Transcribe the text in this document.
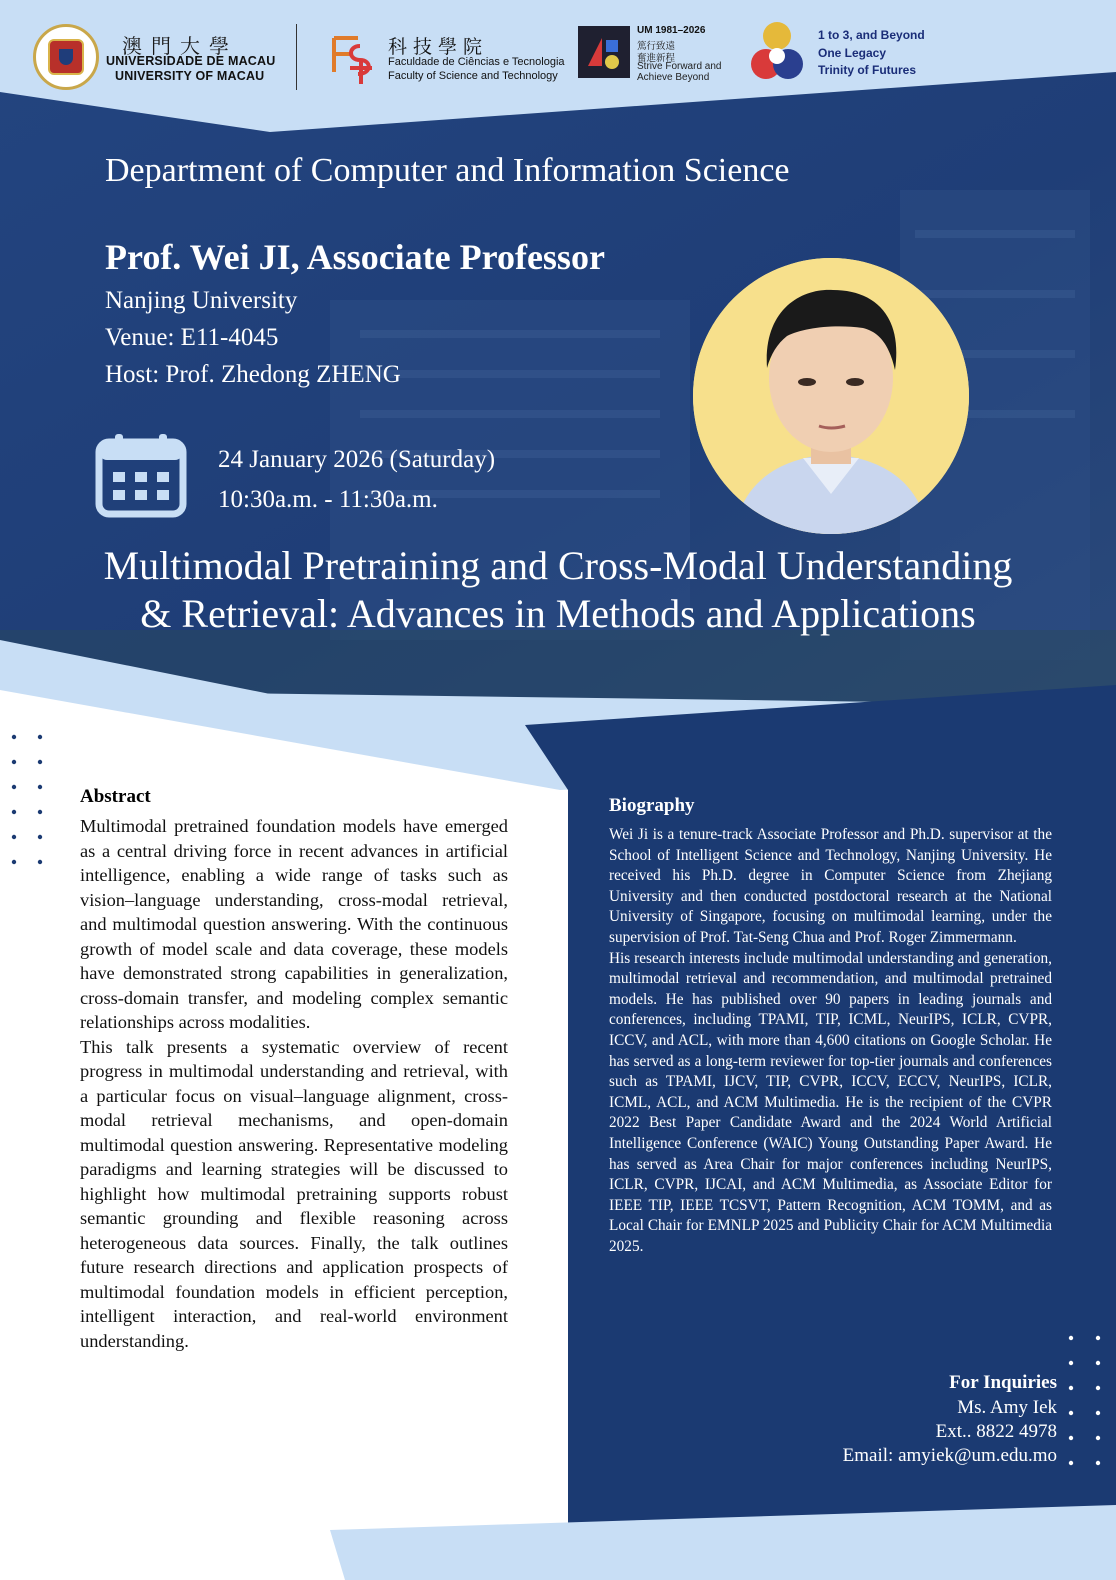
澳門大學
UNIVERSIDADE DE MACAU
UNIVERSITY OF MACAU
科技學院
Faculdade de Ciências e Tecnologia
Faculty of Science and Technology
UM 1981–2026
篤行致遠
奮進新程
Strive Forward and
Achieve Beyond
1 to 3, and Beyond
One Legacy
Trinity of Futures
Department of Computer and Information Science
Prof. Wei JI, Associate Professor
Nanjing University
Venue: E11-4045
Host: Prof. Zhedong ZHENG
24 January 2026 (Saturday)
10:30a.m. - 11:30a.m.
Multimodal Pretraining and Cross-Modal Understanding
& Retrieval: Advances in Methods and Applications
Abstract

Multimodal pretrained foundation models have emerged as a central driving force in recent advances in artificial intelligence, enabling a wide range of tasks such as vision–language understanding, cross-modal retrieval, and multimodal question answering. With the continuous growth of model scale and data coverage, these models have demonstrated strong capabilities in generalization, cross-domain transfer, and modeling complex semantic relationships across modalities.

This talk presents a systematic overview of recent progress in multimodal understanding and retrieval, with a particular focus on visual–language alignment, cross-modal retrieval mechanisms, and open-domain multimodal question answering. Representative modeling paradigms and learning strategies will be discussed to highlight how multimodal pretraining supports robust semantic grounding and flexible reasoning across heterogeneous data sources. Finally, the talk outlines future research directions and application prospects of multimodal foundation models in efficient perception, intelligent interaction, and real-world environment understanding.

Biography

Wei Ji is a tenure-track Associate Professor and Ph.D. supervisor at the School of Intelligent Science and Technology, Nanjing University. He received his Ph.D. degree in Computer Science from Zhejiang University and then conducted postdoctoral research at the National University of Singapore, focusing on multimodal learning, under the supervision of Prof. Tat-Seng Chua and Prof. Roger Zimmermann.

His research interests include multimodal understanding and generation, multimodal retrieval and recommendation, and multimodal pretrained models. He has published over 90 papers in leading journals and conferences, including TPAMI, TIP, ICML, NeurIPS, ICLR, CVPR, ICCV, and ACL, with more than 4,600 citations on Google Scholar. He has served as a long-term reviewer for top-tier journals and conferences such as TPAMI, IJCV, TIP, CVPR, ICCV, ECCV, NeurIPS, ICLR, ICML, ACL, and ACM Multimedia. He is the recipient of the CVPR 2022 Best Paper Candidate Award and the 2024 World Artificial Intelligence Conference (WAIC) Young Outstanding Paper Award. He has served as Area Chair for major conferences including NeurIPS, ICLR, CVPR, IJCAI, and ACM Multimedia, as Associate Editor for IEEE TIP, IEEE TCSVT, Pattern Recognition, ACM TOMM, and as Local Chair for EMNLP 2025 and Publicity Chair for ACM Multimedia 2025.

For Inquiries
Ms. Amy Iek
Ext.. 8822 4978
Email: amyiek@um.edu.mo
